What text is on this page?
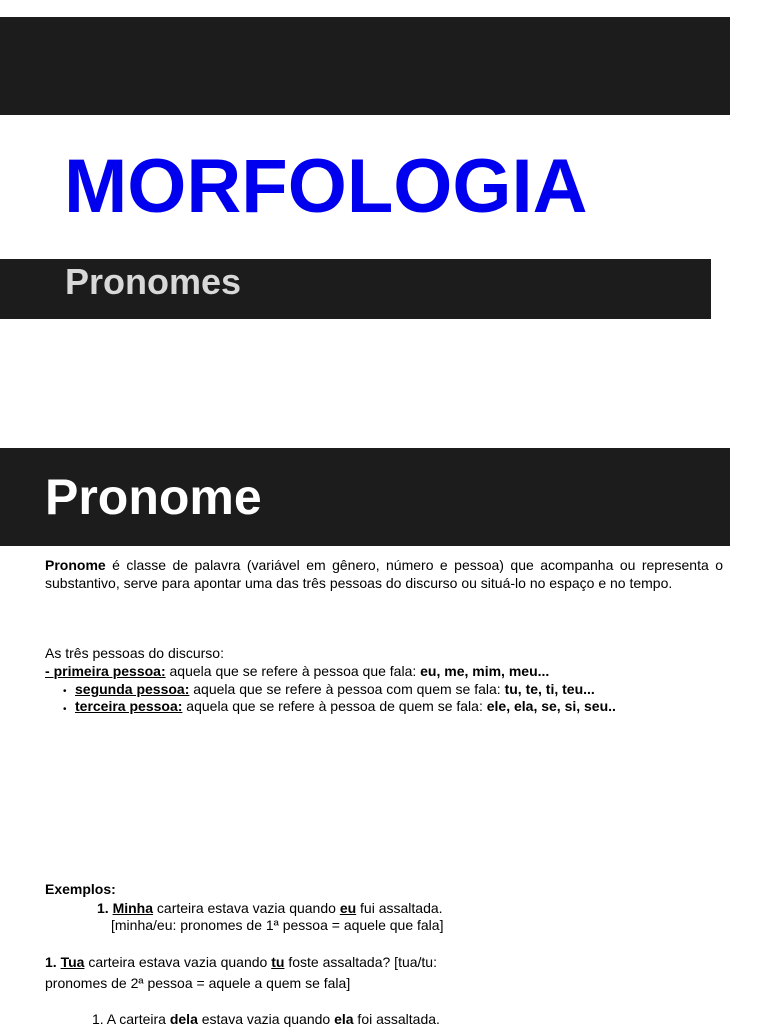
MORFOLOGIA
Pronomes
Pronome

Pronome é classe de palavra (variável em gênero, número e pessoa) que acompanha ou representa o substantivo, serve para apontar uma das três pessoas do discurso ou situá-lo no espaço e no tempo.

As três pessoas do discurso:
- primeira pessoa: aquela que se refere à pessoa que fala: eu, me, mim, meu...
• segunda pessoa: aquela que se refere à pessoa com quem se fala: tu, te, ti, teu...
• terceira pessoa: aquela que se refere à pessoa de quem se fala: ele, ela, se, si, seu..
Exemplos:
1. Minha carteira estava vazia quando eu fui assaltada.
[minha/eu: pronomes de 1ª pessoa = aquele que fala]
1. Tua carteira estava vazia quando tu foste assaltada? [tua/tu:
pronomes de 2ª pessoa = aquele a quem se fala]
1. A carteira dela estava vazia quando ela foi assaltada.
